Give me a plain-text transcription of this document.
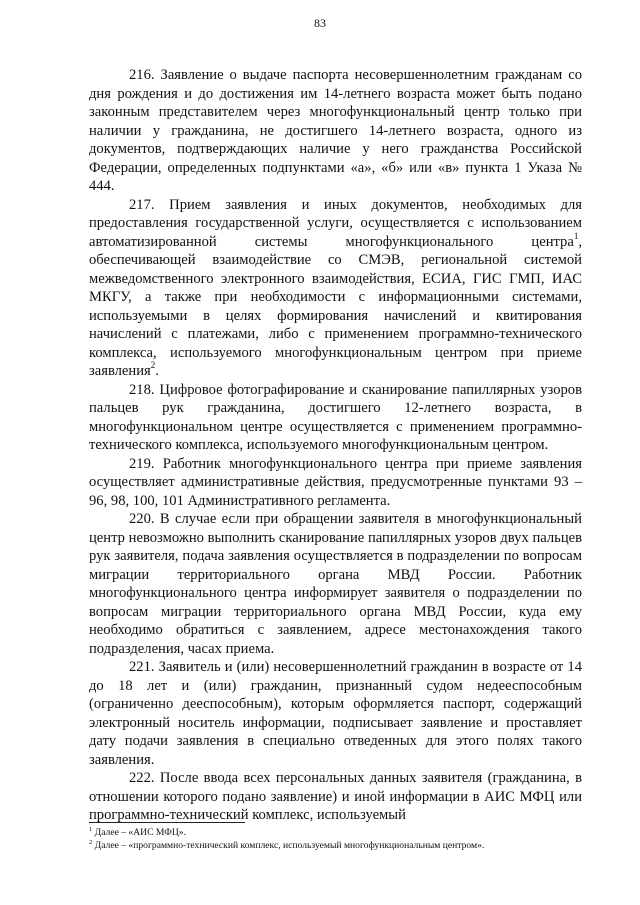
83

216. Заявление о выдаче паспорта несовершеннолетним гражданам со дня рождения и до достижения им 14-летнего возраста может быть подано законным представителем через многофункциональный центр только при наличии у гражданина, не достигшего 14-летнего возраста, одного из документов, подтверждающих наличие у него гражданства Российской Федерации, определенных подпунктами «а», «б» или «в» пункта 1 Указа № 444.

217. Прием заявления и иных документов, необходимых для предоставления государственной услуги, осуществляется с использованием автоматизированной системы многофункционального центра$^1$, обеспечивающей взаимодействие со СМЭВ, региональной системой межведомственного электронного взаимодействия, ЕСИА, ГИС ГМП, ИАС МКГУ, а также при необходимости с информационными системами, используемыми в целях формирования начислений и квитирования начислений с платежами, либо с применением программно-технического комплекса, используемого многофункциональным центром при приеме заявления$^2$.

218. Цифровое фотографирование и сканирование папиллярных узоров пальцев рук гражданина, достигшего 12-летнего возраста, в многофункциональном центре осуществляется с применением программно-технического комплекса, используемого многофункциональным центром.

219. Работник многофункционального центра при приеме заявления осуществляет административные действия, предусмотренные пунктами 93 – 96, 98, 100, 101 Административного регламента.

220. В случае если при обращении заявителя в многофункциональный центр невозможно выполнить сканирование папиллярных узоров двух пальцев рук заявителя, подача заявления осуществляется в подразделении по вопросам миграции территориального органа МВД России. Работник многофункционального центра информирует заявителя о подразделении по вопросам миграции территориального органа МВД России, куда ему необходимо обратиться с заявлением, адресе местонахождения такого подразделения, часах приема.

221. Заявитель и (или) несовершеннолетний гражданин в возрасте от 14 до 18 лет и (или) гражданин, признанный судом недееспособным (ограниченно дееспособным), которым оформляется паспорт, содержащий электронный носитель информации, подписывает заявление и проставляет дату подачи заявления в специально отведенных для этого полях такого заявления.

222. После ввода всех персональных данных заявителя (гражданина, в отношении которого подано заявление) и иной информации в АИС МФЦ или программно-технический комплекс, используемый

$^1$ Далее – «АИС МФЦ».
$^2$ Далее – «программно-технический комплекс, используемый многофункциональным центром».
